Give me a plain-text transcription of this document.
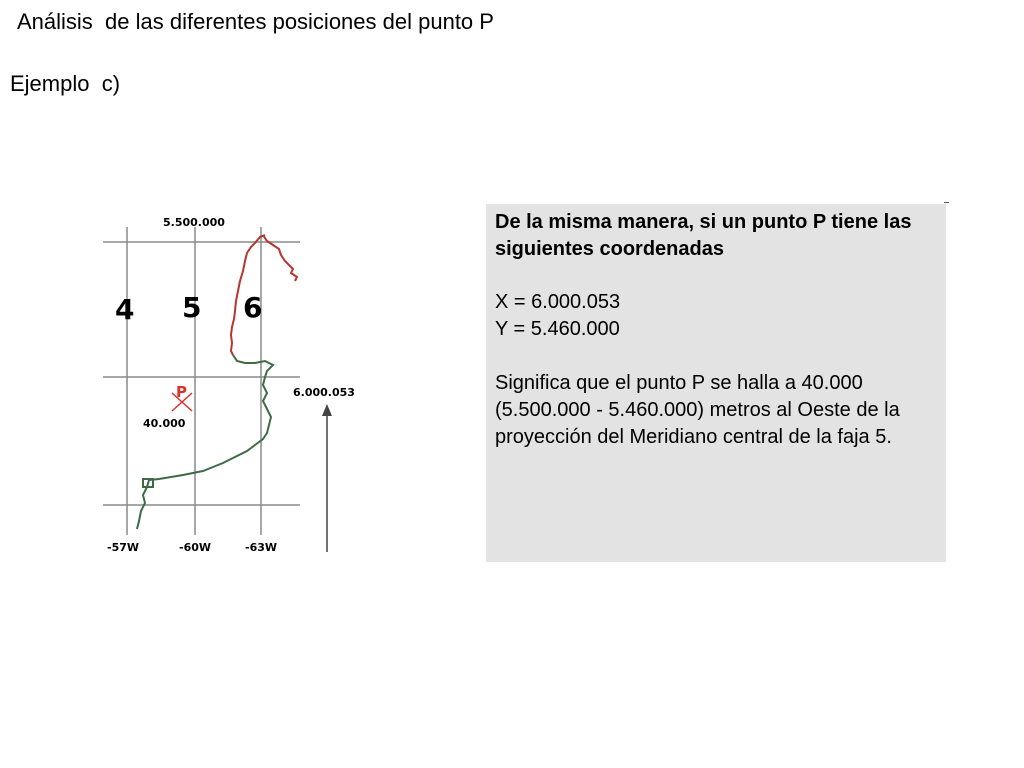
Análisis  de las diferentes posiciones del punto P
Ejemplo  c)
5.500.000
4 5 6
P
40.000
6.000.053
-57W	-60W	-63W

De la misma manera, si un punto P tiene las siguientes coordenadas

X = 6.000.053
Y = 5.460.000

Significa que el punto P se halla a 40.000 (5.500.000 - 5.460.000) metros al Oeste de la proyección del Meridiano central de la faja 5.
